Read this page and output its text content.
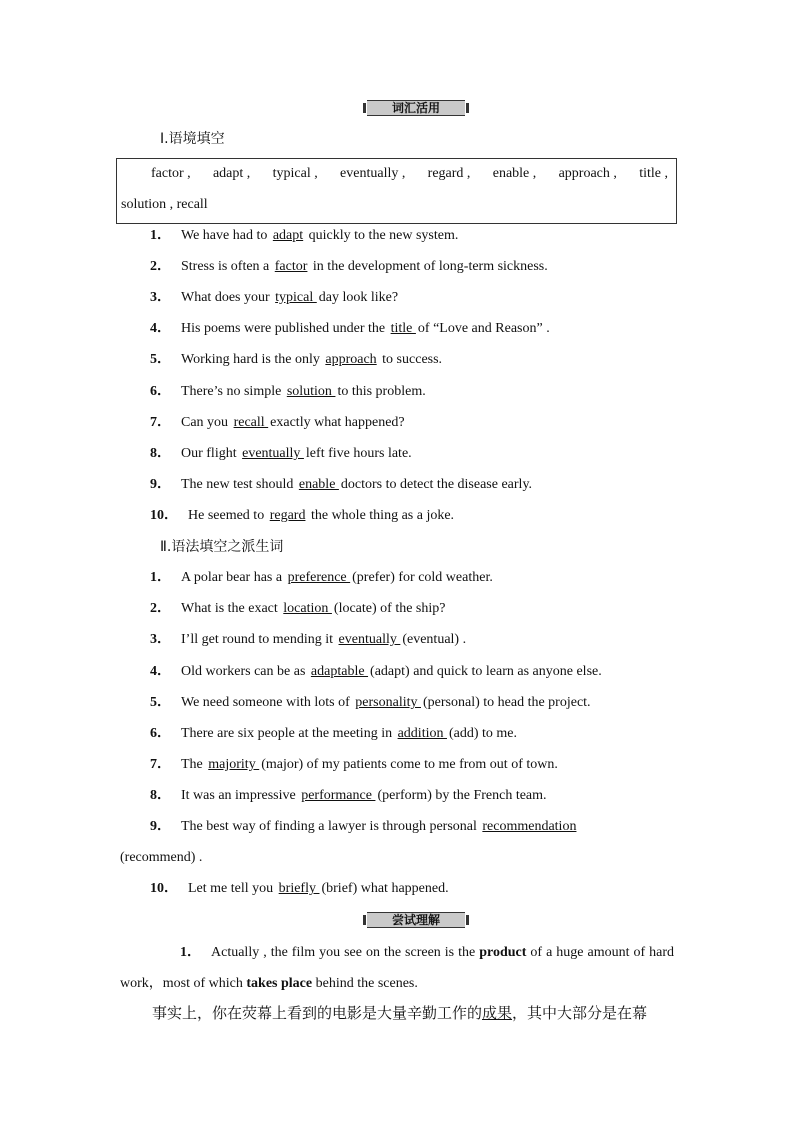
词汇活用
Ⅰ.语境填空
factor , adapt , typical , eventually , regard , enable , approach , title ,
solution , recall
1． We have had to adapt quickly to the new system.
2． Stress is often a factor in the development of long-term sickness.
3． What does your typical day look like?
4． His poems were published under the title of “Love and Reason” .
5． Working hard is the only approach to success.
6． There’s no simple solution to this problem.
7． Can you recall exactly what happened?
8． Our flight eventually left five hours late.
9． The new test should enable doctors to detect the disease early.
10． He seemed to regard the whole thing as a joke.
Ⅱ.语法填空之派生词
1． A polar bear has a preference (prefer) for cold weather.
2． What is the exact location (locate) of the ship?
3． I’ll get round to mending it eventually (eventual) .
4． Old workers can be as adaptable (adapt) and quick to learn as anyone else.
5． We need someone with lots of personality (personal) to head the project.
6． There are six people at the meeting in addition (add) to me.
7． The majority (major) of my patients come to me from out of town.
8． It was an impressive performance (perform) by the French team.
9． The best way of finding a lawyer is through personal recommendation
(recommend) .
10． Let me tell you briefly (brief) what happened.
尝试理解
1． Actually , the film you see on the screen is the product of a huge amount of hard work，most of which takes place behind the scenes.
事实上，你在荧幕上看到的电影是大量辛勤工作的成果，其中大部分是在幕
